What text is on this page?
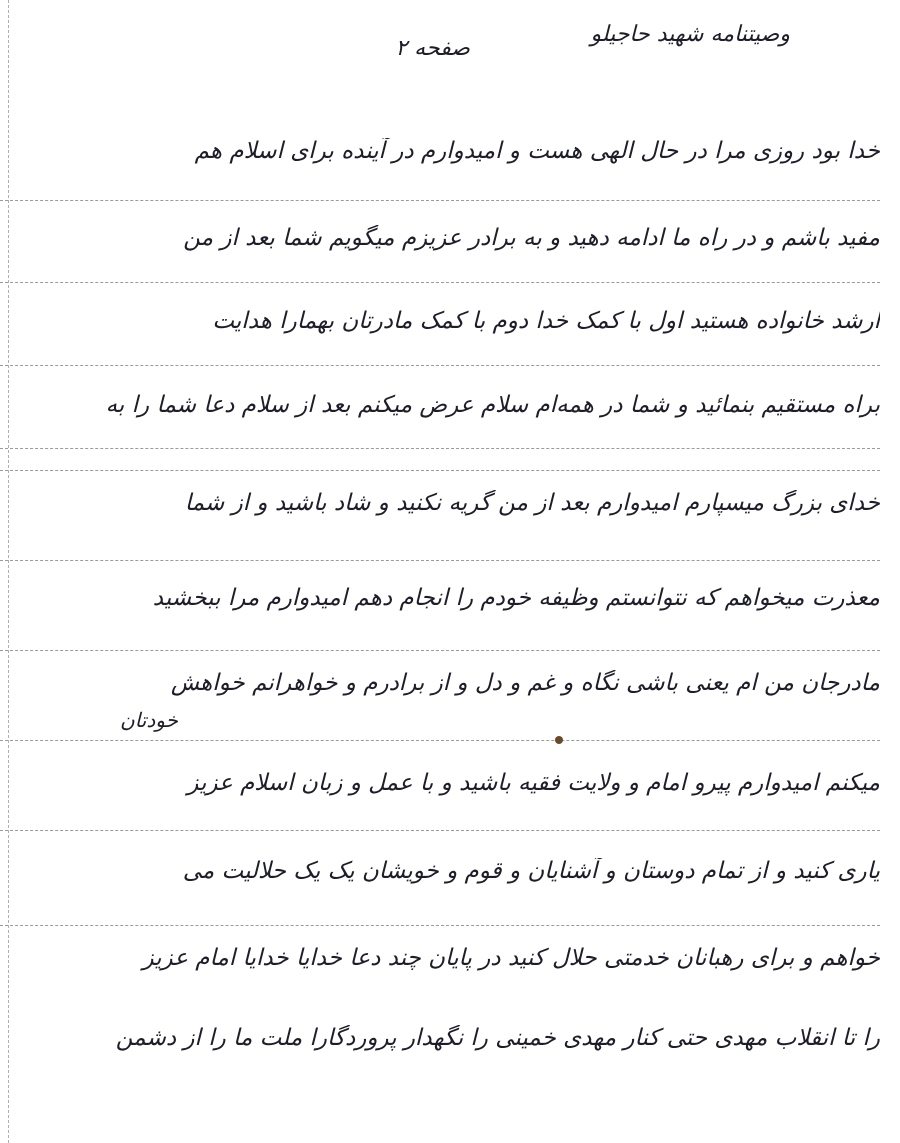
وصیتنامه شهید حاجیلو
صفحه ۲
خدا بود روزی مرا در حال الهی هست و امیدوارم در آینده برای اسلام هم
مفید باشم و در راه ما ادامه دهید و به برادر عزیزم میگویم شما بعد از من
ارشد خانواده هستید اول با کمک خدا دوم با کمک مادرتان بهمارا هدایت
براه مستقیم بنمائید و شما در همه‌ام سلام عرض میکنم بعد از سلام دعا شما را به
خدای بزرگ میسپارم امیدوارم بعد از من گریه نکنید و شاد باشید و از شما
معذرت میخواهم که نتوانستم وظیفه خودم را انجام دهم امیدوارم مرا ببخشید
مادرجان من ام یعنی باشی نگاه و غم و دل و از برادرم و خواهرانم خواهش
خودتان
میکنم امیدوارم پیرو امام و ولایت فقیه باشید و با عمل و زبان اسلام عزیز
یاری کنید و از تمام دوستان و آشنایان و قوم و خویشان یک یک حلالیت می
خواهم و برای رهبانان خدمتی حلال کنید در پایان چند دعا خدایا خدایا امام عزیز
را تا انقلاب مهدی حتی کنار مهدی خمینی را نگهدار پروردگارا ملت ما را از دشمن
